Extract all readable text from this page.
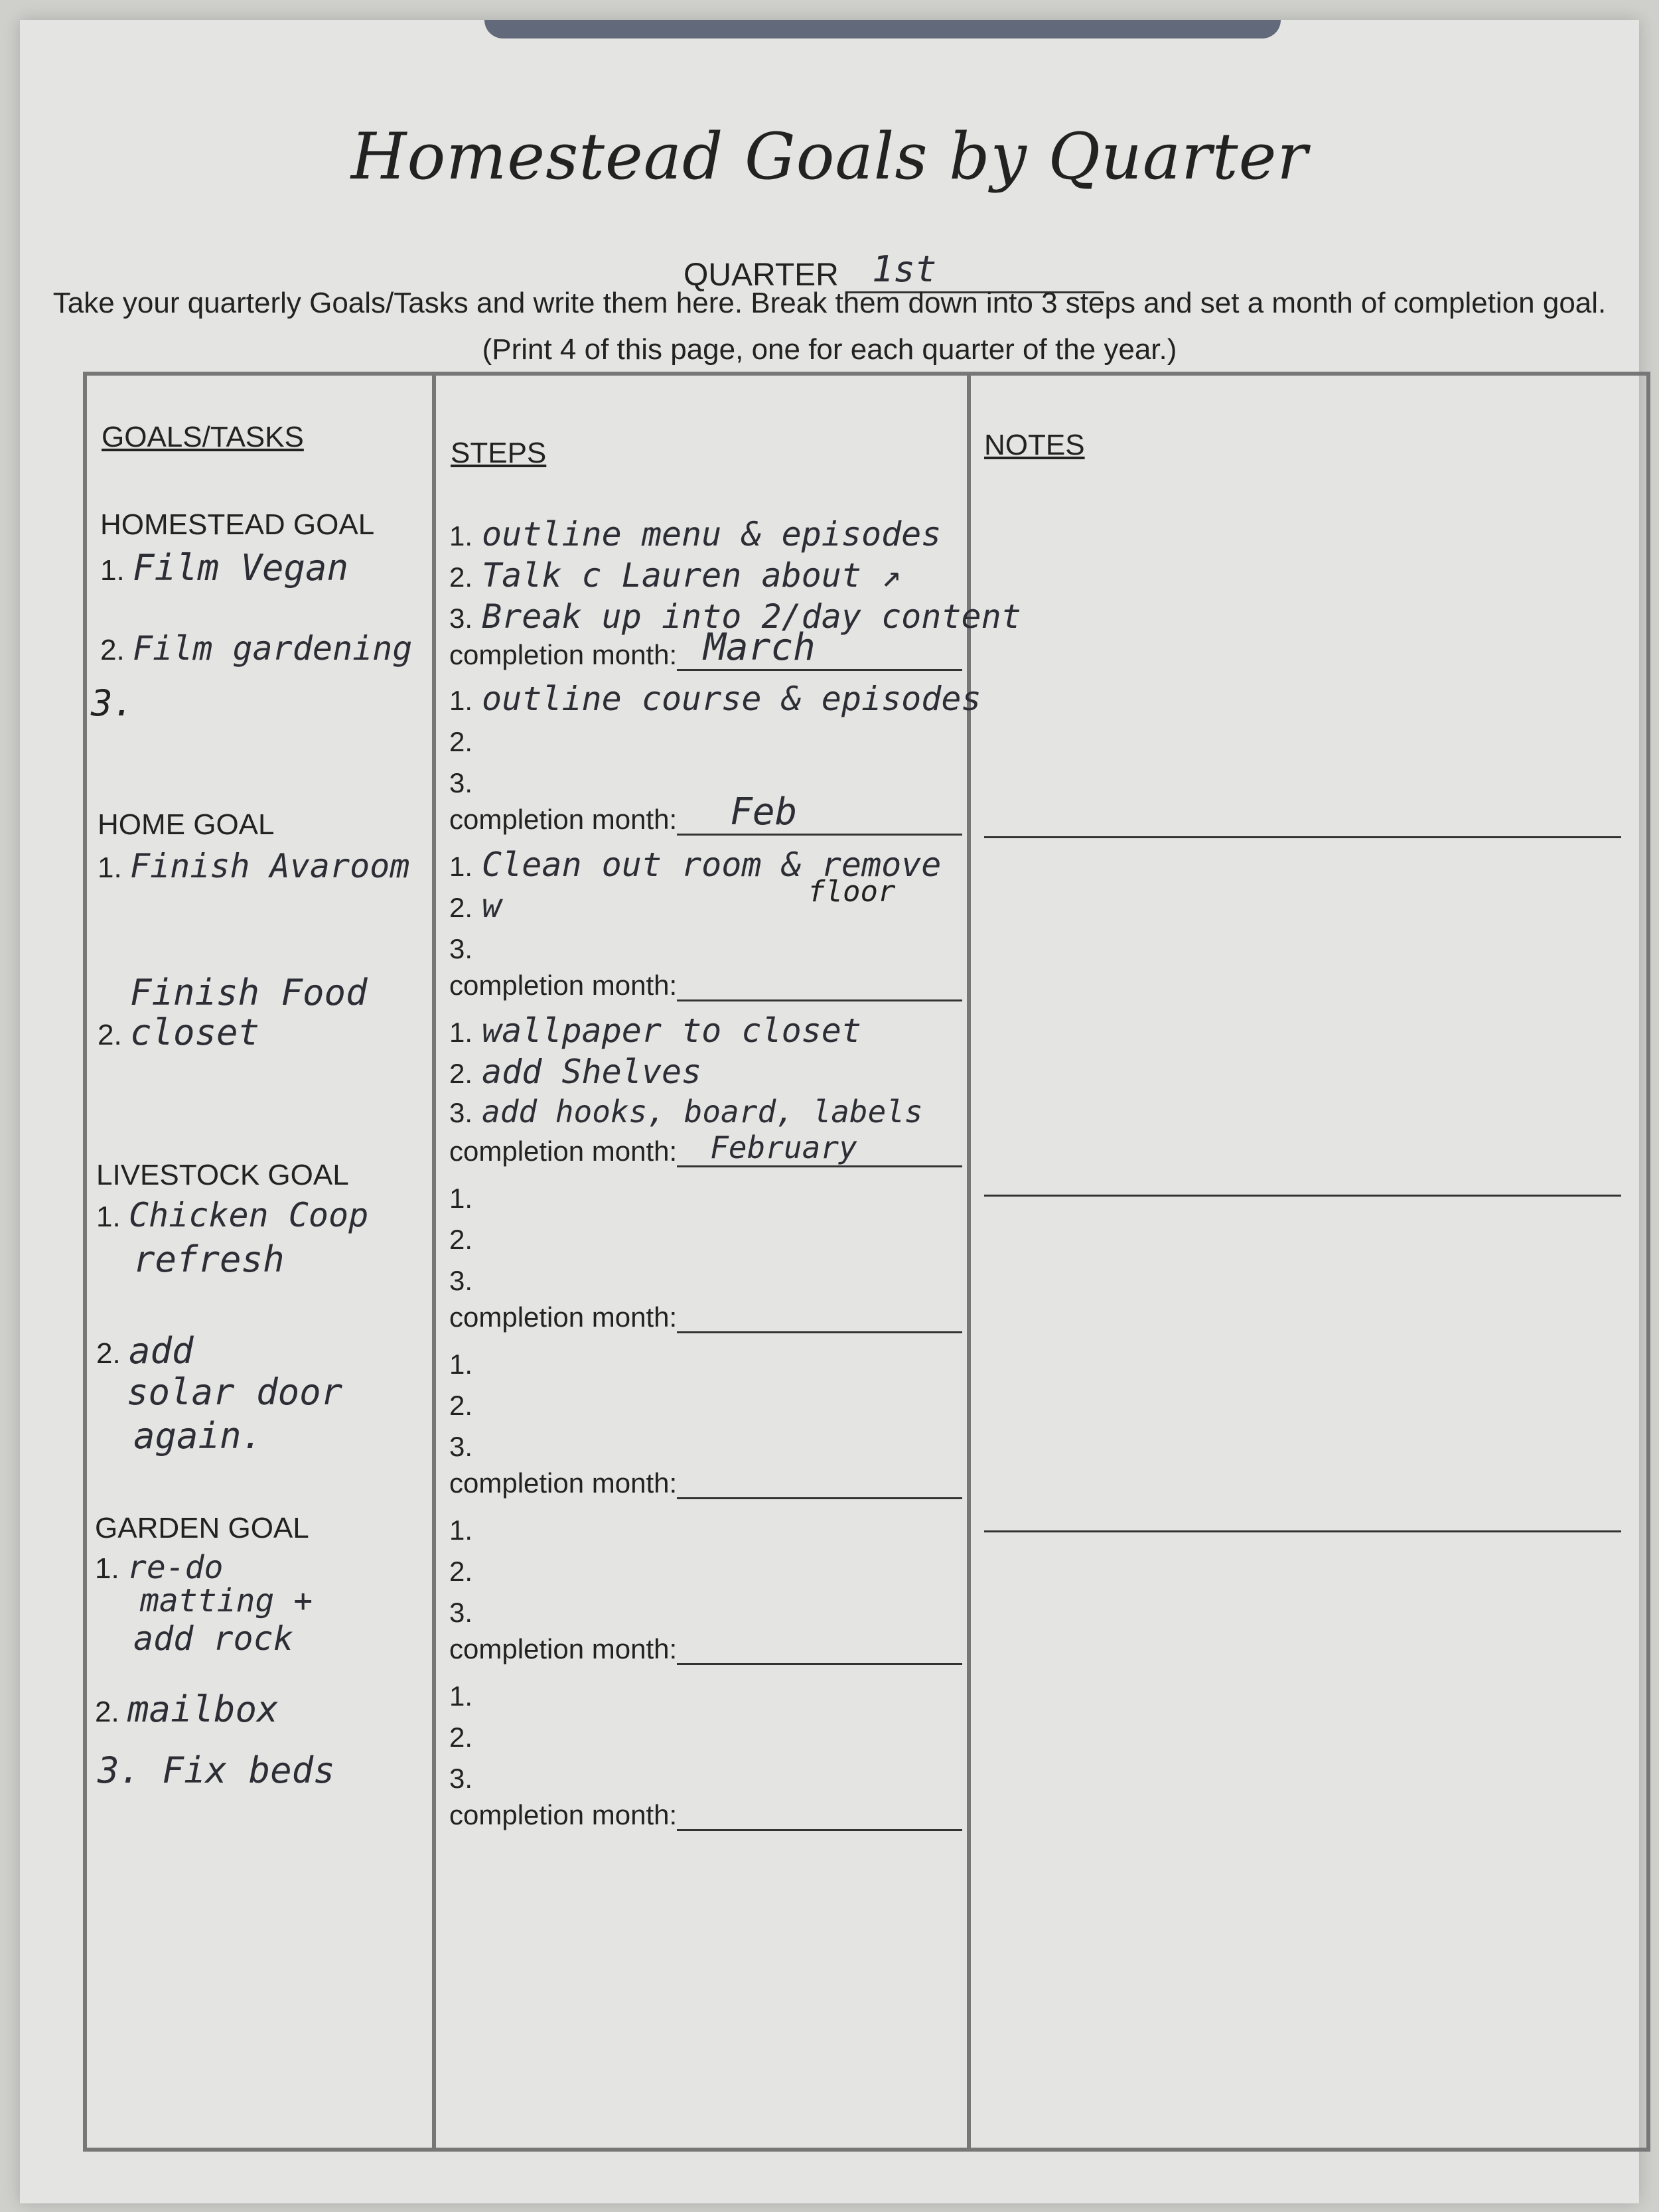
Homestead Goals by Quarter
QUARTER 1st
Take your quarterly Goals/Tasks and write them here. Break them down into 3 steps and set a month of completion goal.
(Print 4 of this page, one for each quarter of the year.)
GOALS/TASKS
HOMESTEAD GOAL
1. Film Vegan
2. Film gardening
3.
HOME GOAL
1. Finish Avaroom
2. Finish Food closet
LIVESTOCK GOAL
1. Chicken Coop
refresh
2. add
solar door
again.
GARDEN GOAL
1. re-do
matting +
add rock
2. mailbox
3. Fix beds
STEPS
1. outline menu & episodes
2. Talk c Lauren about ↗
3. Break up into 2/day content
completion month: March
1. outline course & episodes
2.
3.
completion month: Feb
1. Clean out room & remove
floor
2. w
3.
completion month:
1. wallpaper to closet
2. add Shelves
3. add hooks, board, labels
completion month: February
1.
2.
3.
completion month:
1.
2.
3.
completion month:
1.
2.
3.
completion month:
1.
2.
3.
completion month:
NOTES
